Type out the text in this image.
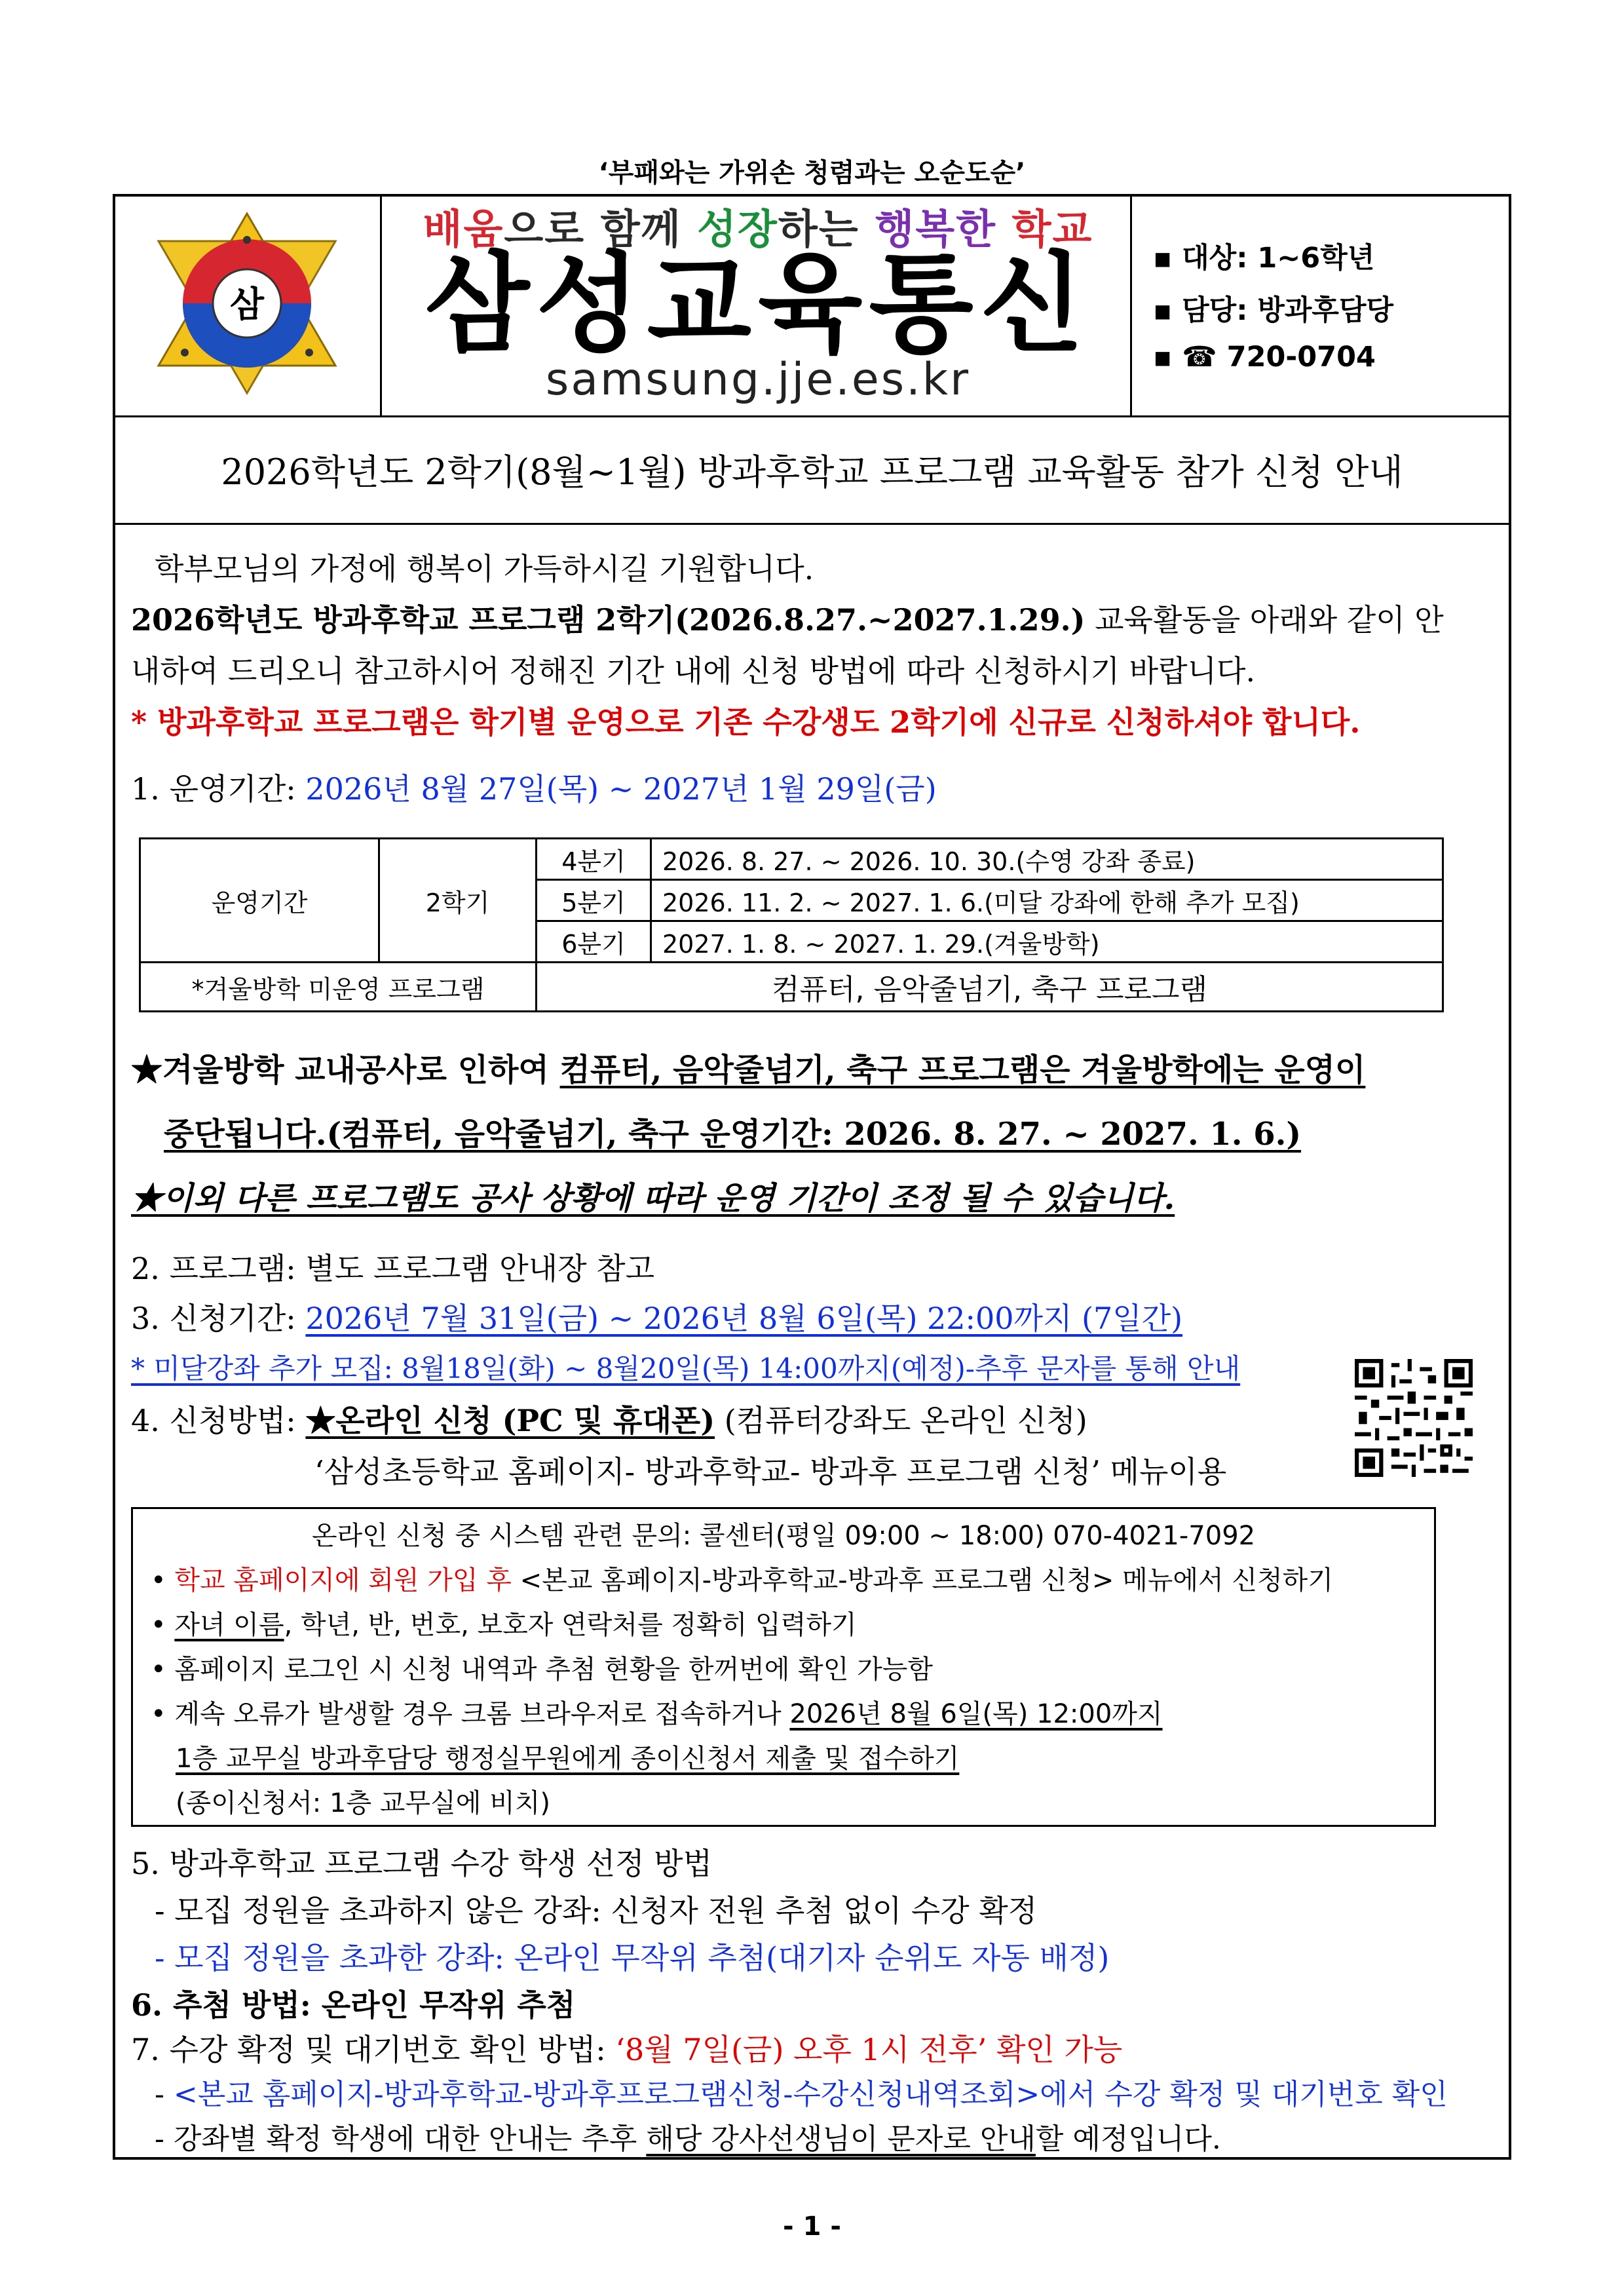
‘부패와는 가위손 청렴과는 오순도순’
삼
배움으로 함께 성장하는 행복한 학교
삼성교육통신
samsung.jje.es.kr
▪ 대상: 1~6학년
▪ 담당: 방과후담당
▪ ☎ 720-0704
2026학년도 2학기(8월~1월) 방과후학교 프로그램 교육활동 참가 신청 안내
학부모님의 가정에 행복이 가득하시길 기원합니다.
2026학년도 방과후학교 프로그램 2학기(2026.8.27.~2027.1.29.) 교육활동을 아래와 같이 안
내하여 드리오니 참고하시어 정해진 기간 내에 신청 방법에 따라 신청하시기 바랍니다.
* 방과후학교 프로그램은 학기별 운영으로 기존 수강생도 2학기에 신규로 신청하셔야 합니다.
1. 운영기간: 2026년 8월 27일(목) ~ 2027년 1월 29일(금)
운영기간	2학기	4분기	2026. 8. 27. ~ 2026. 10. 30.(수영 강좌 종료)
		5분기	2026. 11. 2. ~ 2027. 1. 6.(미달 강좌에 한해 추가 모집)
		6분기	2027. 1. 8. ~ 2027. 1. 29.(겨울방학)
*겨울방학 미운영 프로그램		컴퓨터, 음악줄넘기, 축구 프로그램	
★겨울방학 교내공사로 인하여 컴퓨터, 음악줄넘기, 축구 프로그램은 겨울방학에는 운영이
중단됩니다.(컴퓨터, 음악줄넘기, 축구 운영기간: 2026. 8. 27. ~ 2027. 1. 6.)
★이외 다른 프로그램도 공사 상황에 따라 운영 기간이 조정 될 수 있습니다.
2. 프로그램: 별도 프로그램 안내장 참고
3. 신청기간: 2026년 7월 31일(금) ~ 2026년 8월 6일(목) 22:00까지 (7일간)
* 미달강좌 추가 모집: 8월18일(화) ~ 8월20일(목) 14:00까지(예정)-추후 문자를 통해 안내
4. 신청방법: ★온라인 신청 (PC 및 휴대폰) (컴퓨터강좌도 온라인 신청)
‘삼성초등학교 홈페이지- 방과후학교- 방과후 프로그램 신청’ 메뉴이용
온라인 신청 중 시스템 관련 문의: 콜센터(평일 09:00 ~ 18:00) 070-4021-7092
• 학교 홈페이지에 회원 가입 후 <본교 홈페이지-방과후학교-방과후 프로그램 신청> 메뉴에서 신청하기
• 자녀 이름, 학년, 반, 번호, 보호자 연락처를 정확히 입력하기
• 홈페이지 로그인 시 신청 내역과 추첨 현황을 한꺼번에 확인 가능함
• 계속 오류가 발생할 경우 크롬 브라우저로 접속하거나 2026년 8월 6일(목) 12:00까지
1층 교무실 방과후담당 행정실무원에게 종이신청서 제출 및 접수하기
(종이신청서: 1층 교무실에 비치)
5. 방과후학교 프로그램 수강 학생 선정 방법
- 모집 정원을 초과하지 않은 강좌: 신청자 전원 추첨 없이 수강 확정
- 모집 정원을 초과한 강좌: 온라인 무작위 추첨(대기자 순위도 자동 배정)
6. 추첨 방법: 온라인 무작위 추첨
7. 수강 확정 및 대기번호 확인 방법: ‘8월 7일(금) 오후 1시 전후’ 확인 가능
- <본교 홈페이지-방과후학교-방과후프로그램신청-수강신청내역조회>에서 수강 확정 및 대기번호 확인
- 강좌별 확정 학생에 대한 안내는 추후 해당 강사선생님이 문자로 안내할 예정입니다.
- 1 -
